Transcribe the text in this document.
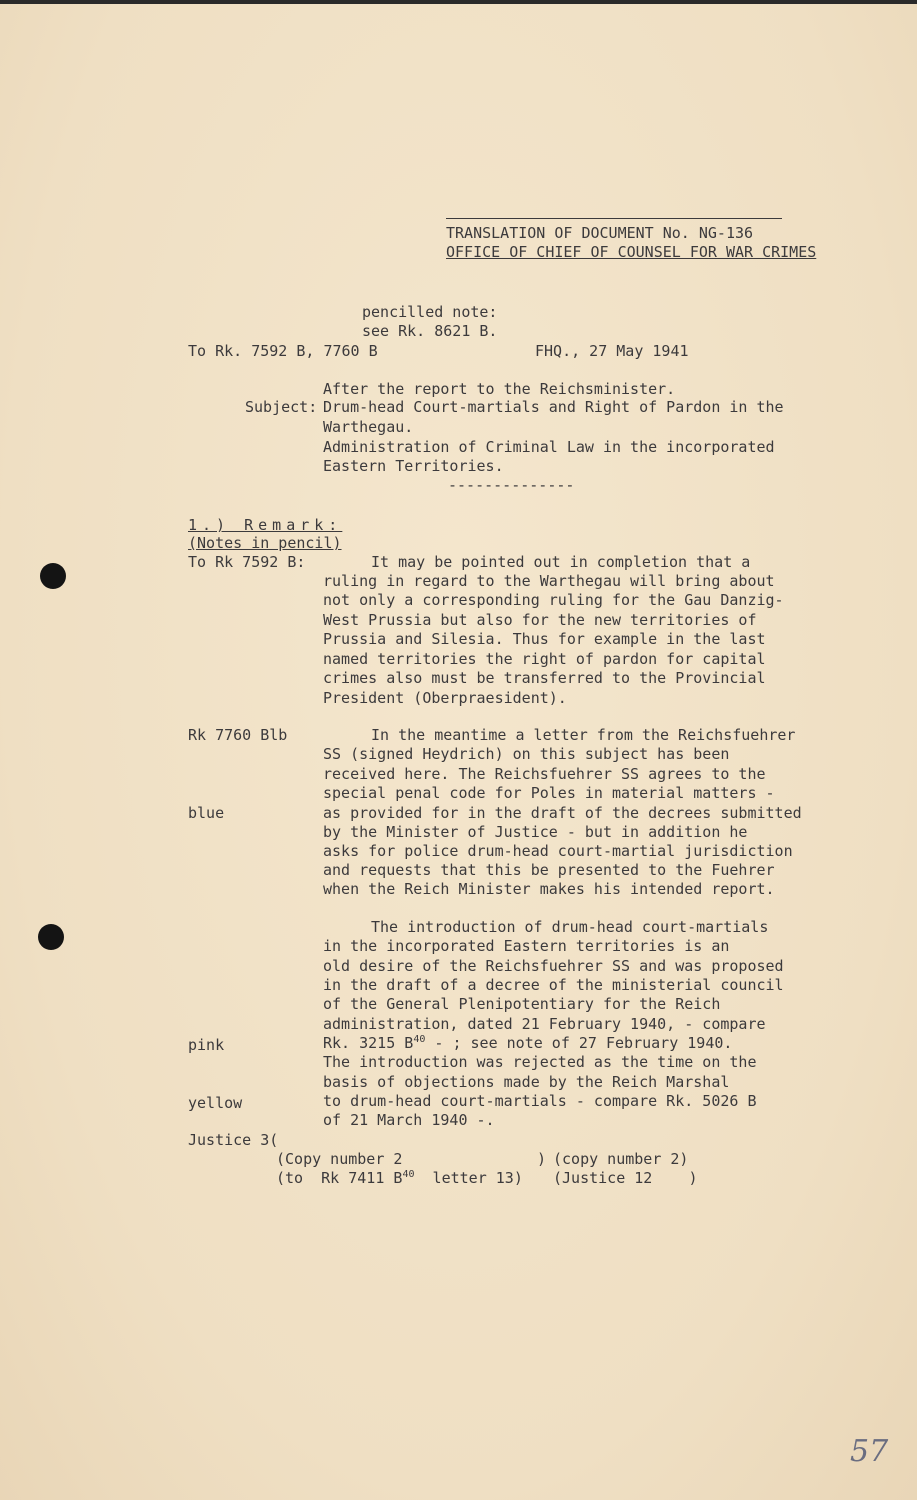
TRANSLATION OF DOCUMENT No. NG-136
OFFICE OF CHIEF OF COUNSEL FOR WAR CRIMES
pencilled note:
see Rk. 8621 B.
To Rk. 7592 B, 7760 B	FHQ., 27 May 1941
After the report to the Reichsminister.
Subject: Drum-head Court-martials and Right of Pardon in the
Warthegau.
Administration of Criminal Law in the incorporated
Eastern Territories.
--------------
1.) Remark:
(Notes in pencil)
To Rk 7592 B:	It may be pointed out in completion that a
ruling in regard to the Warthegau will bring about
not only a corresponding ruling for the Gau Danzig-
West Prussia but also for the new territories of
Prussia and Silesia. Thus for example in the last
named territories the right of pardon for capital
crimes also must be transferred to the Provincial
President (Oberpraesident).
Rk 7760 Blb
blue
In the meantime a letter from the Reichsfuehrer
SS (signed Heydrich) on this subject has been
received here. The Reichsfuehrer SS agrees to the
special penal code for Poles in material matters -
as provided for in the draft of the decrees submitted
by the Minister of Justice - but in addition he
asks for police drum-head court-martial jurisdiction
and requests that this be presented to the Fuehrer
when the Reich Minister makes his intended report.
The introduction of drum-head court-martials
in the incorporated Eastern territories is an
old desire of the Reichsfuehrer SS and was proposed
in the draft of a decree of the ministerial council
of the General Plenipotentiary for the Reich
administration, dated 21 February 1940, - compare
pink	Rk. 3215 $B^{40}$ - ; see note of 27 February 1940.
The introduction was rejected as the time on the
basis of objections made by the Reich Marshal
yellow	to drum-head court-martials - compare Rk. 5026 B
of 21 March 1940 -.
Justice 3(
(Copy number 2	)
(to  Rk 7411 $B^{40}$  letter 13)
(copy number 2)
(Justice 12    )
57
